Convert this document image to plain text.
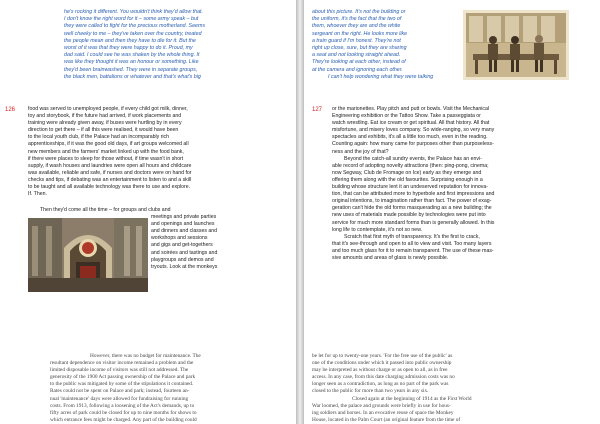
he's rocking it different. You wouldn't think they'd allow that.
I don't know the right word for it – some army speak – but
they were called to fight for the precious motherland. Seems
well cheeky to me – they've taken over the country, treated
the people mean and then they have to die for it. But the
worst of it was that they were happy to do it. Proud, my
dad said. I could see he was shaken by the whole thing. It
was like they thought it was an honour or something. Like
they'd been brainwashed. They were in separate groups,
the black men, battalions or whatever and that's what's big
126 food was served to unemployed people, if every child got milk, dinner,
toy and storybook, if the future had arrived, if work placements and
training were already given away, if buses were hurtling by in every
direction to get there – if all this were realised, it would have been
to the local youth club, if the Palace had an incomparably rich
apprenticeships, if it was the good old days, if art groups welcomed all
new members and the farmers' market linked up with the food bank,
if there were places to sleep for those without, if time wasn't in short
supply, if wash houses and laundries were open all hours and childcare
was available, reliable and safe, if nurses and doctors were on hand for
checks and tips, if debating was an entertainment to listen to and a skill
to be taught and all available technology was there to use and explore.
If. Then.
Then they'd come all the time – for groups and clubs and
meetings and private parties
and openings and launches
and dinners and classes and
workshops and sessions
and gigs and get-togethers
and soirées and tastings and
playgroups and demos and
tryouts. Look at the monkeys
However, there was no budget for maintenance. The
resultant dependence on visitor income remained a problem and the
limited disposable income of visitors was still not addressed. The
generosity of the 1900 Act passing ownership of the Palace and park
to the public was mitigated by some of the stipulations it contained.
Rates could not be spent on Palace and park; instead, fourteen an-
nual 'maintenance' days were allowed for fundraising for running
costs. From 1913, following a loosening of the Act's demands, up to
fifty acres of park could be closed for up to nine months for shows to
which entrance fees might be charged. Any part of the building could
about this picture. It's not the building or
the uniform, it's the fact that the two of
them, whoever they are and the white
sergeant on the right. He looks more like
a train guard if I'm honest. They're not
right up close, sure, but they are sharing
a seat and not looking straight ahead.
They're looking at each other, instead of
at the camera and ignoring each other.
I can't help wondering what they were talking
127 or the marionettes. Play pitch and putt or bowls. Visit the Mechanical
Engineering exhibition or the Tattoo Show. Take a passeggiata or
watch wrestling. Eat ice cream or get spiritual. All that history. All that
misfortune, and misery loves company. So wide-ranging, so very many
spectacles and exhibits, it's all a little too much, even in the reading.
Counting again: how many came for purposes other than purposeless-
ness and the joy of that?
Beyond the catch-all sundry events, the Palace has an envi-
able record of adopting novelty attractions (then: ping-pong, cinema;
now Segway, Club de Fromage on Ice) early as they emerge and
offering them along with the old favourites. Surprising enough in a
building whose structure lent it an undeserved reputation for innova-
tion, that can be attributed more to hyperbole and first impressions and
original intentions, to imagination rather than fact. The power of exag-
geration can't hide the old forms masquerading as a new building; the
new uses of materials made possible by technologies were put into
service for much more standard forms than is generally allowed. In this
long life to contemplate, it's not so new.
Scratch that first myth of transparency. It's the first to crack,
that it's see-through and open to all to view and visit. Too many layers
and too much glass for it to remain transparent. The use of these mas-
sive amounts and areas of glass is newly possible.
be let for up to twenty-one years. 'For the free use of the public' as
one of the conditions under which it passed into public ownership
may be interpreted as without charge or as open to all, as in free
access. In any case, from this date charging admission costs was no
longer seen as a contradiction, as long as no part of the park was
closed to the public for more than two years in any six.
Closed again at the beginning of 1914 as the First World
War loomed, the palace and grounds were briefly in use for hous-
ing soldiers and horses. In an evocative reuse of space the Monkey
House, located in the Palm Court (an original feature from the time of
